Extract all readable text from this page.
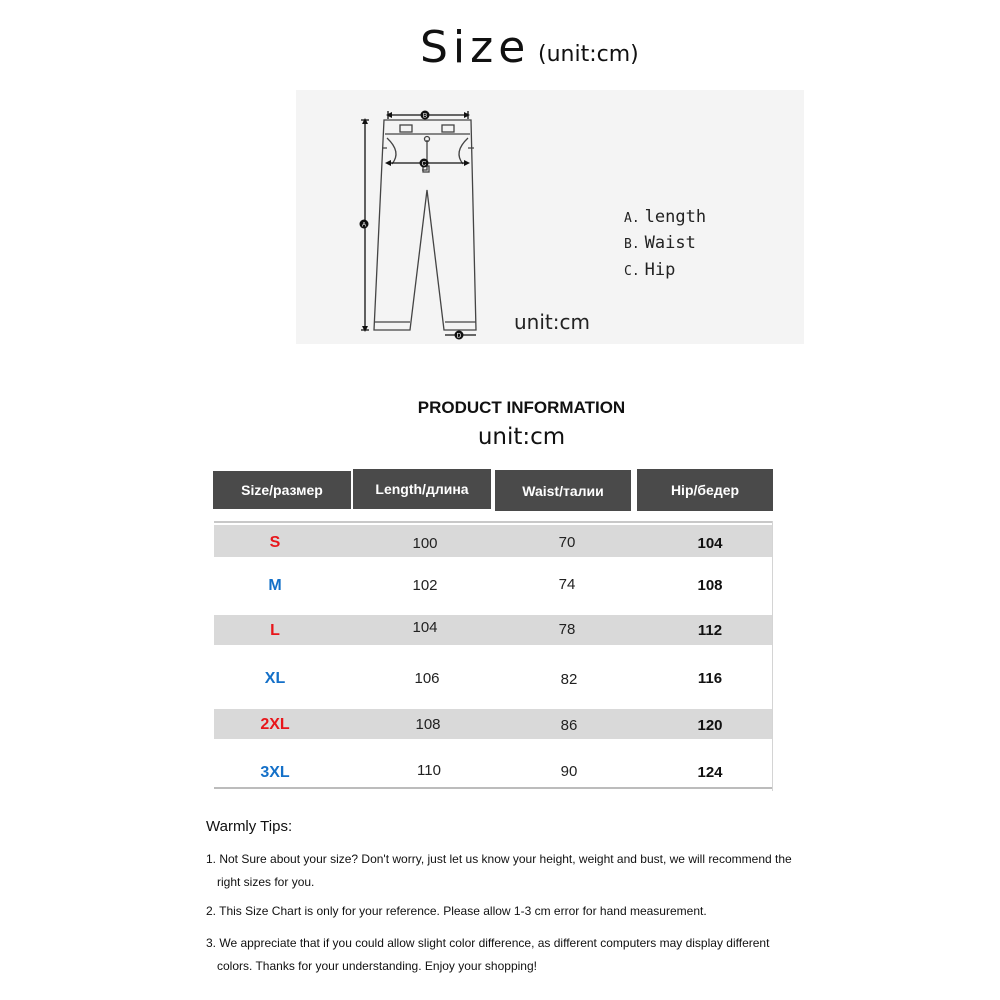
Size (unit:cm)
A
B
C
D
A. length
B. Waist
C. Hip
unit:cm
PRODUCT INFORMATION
unit:cm
Size/размер	Length/длина	Waist/талии	Hip/бедер
S	100	70	104
M	102	74	108
L	104	78	112
XL	106	82	116
2XL	108	86	120
3XL	110	90	124
Warmly Tips:
1. Not Sure about your size? Don't worry, just let us know your height, weight and bust, we will recommend the right sizes for you.
2. This Size Chart is only for your reference. Please allow 1-3 cm error for hand measurement.
3. We appreciate that if you could allow slight color difference, as different computers may display different colors. Thanks for your understanding. Enjoy your shopping!
